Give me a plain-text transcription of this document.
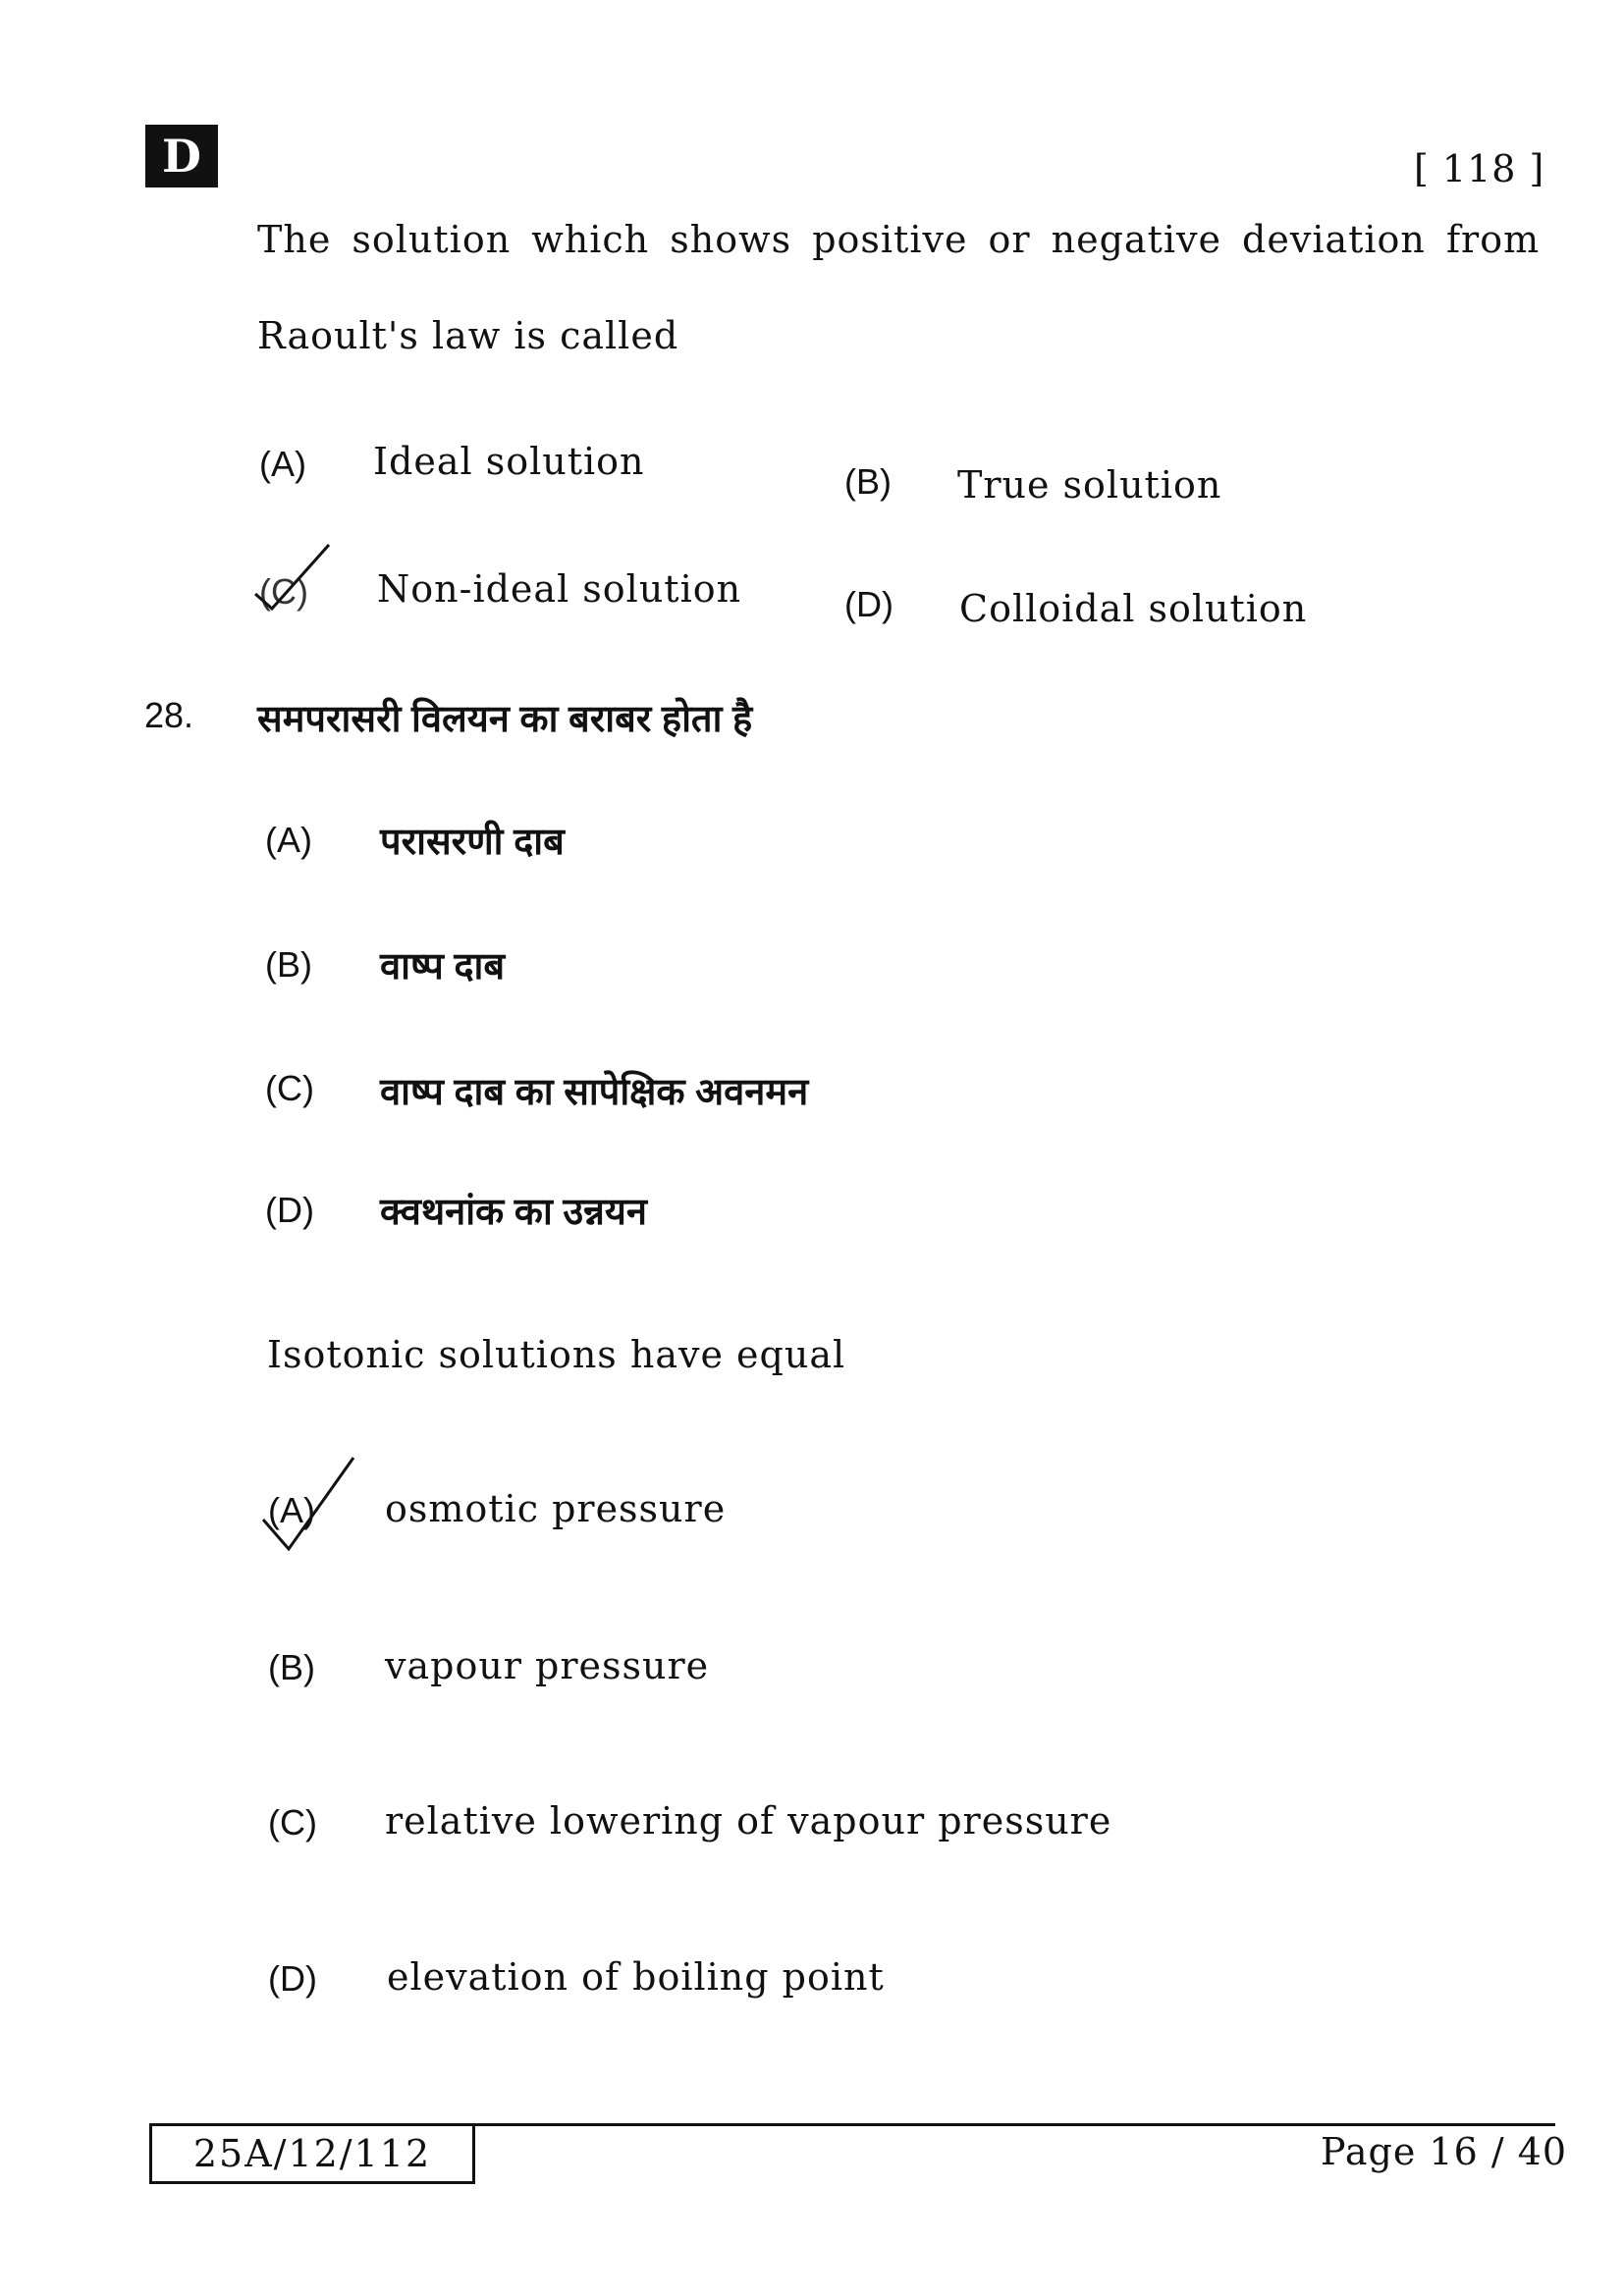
D	[ 118 ]
The solution which shows positive or negative deviation from
Raoult's law is called
(A) Ideal solution	(B) True solution
(C) Non-ideal solution	(D) Colloidal solution
28. समपरासरी विलयन का बराबर होता है
(A) परासरणी दाब
(B) वाष्प दाब
(C) वाष्प दाब का सापेक्षिक अवनमन
(D) क्वथनांक का उन्नयन
Isotonic solutions have equal
(A) osmotic pressure
(B) vapour pressure
(C) relative lowering of vapour pressure
(D) elevation of boiling point
25A/12/112	Page 16 / 40
